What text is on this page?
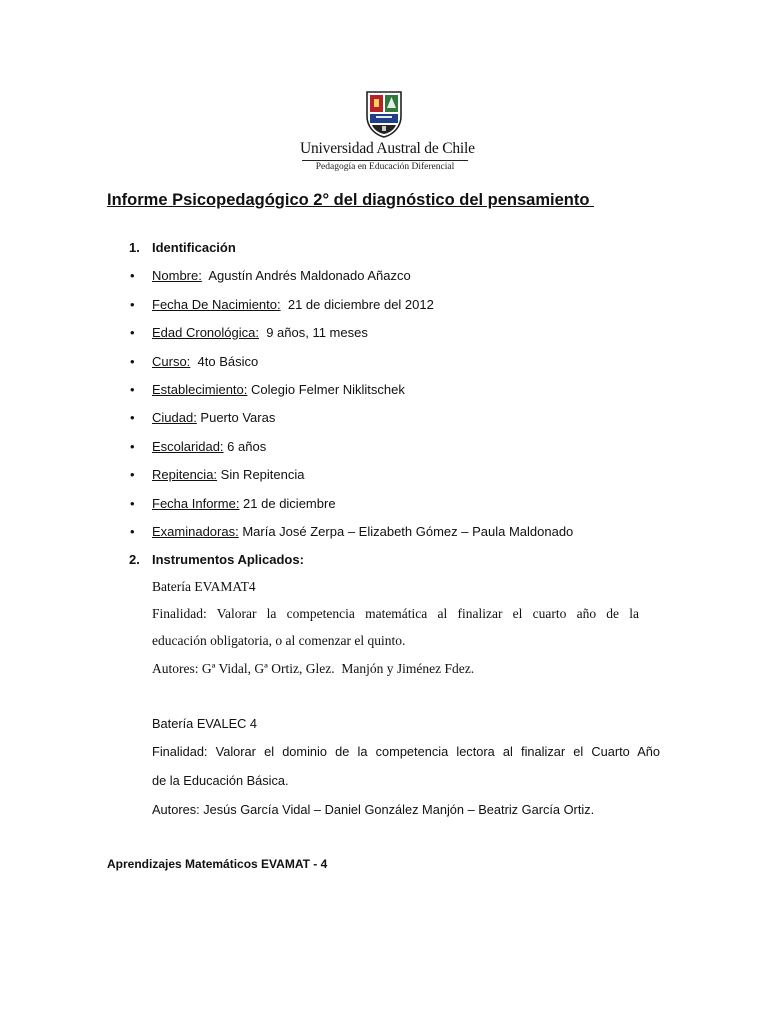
Universidad Austral de Chile
Pedagogía en Educación Diferencial
Informe Psicopedagógico 2° del diagnóstico del pensamiento
1. Identificación
• Nombre:  Agustín Andrés Maldonado Añazco
• Fecha De Nacimiento:  21 de diciembre del 2012
• Edad Cronológica:  9 años, 11 meses
• Curso:  4to Básico
• Establecimiento: Colegio Felmer Niklitschek
• Ciudad: Puerto Varas
• Escolaridad: 6 años
• Repitencia: Sin Repitencia
• Fecha Informe: 21 de diciembre
• Examinadoras: María José Zerpa – Elizabeth Gómez – Paula Maldonado
2. Instrumentos Aplicados:
Batería EVAMAT4
Finalidad: Valorar la competencia matemática al finalizar el cuarto año de la
educación obligatoria, o al comenzar el quinto.
Autores: Gª Vidal, Gª Ortiz, Glez.  Manjón y Jiménez Fdez.
Batería EVALEC 4
Finalidad: Valorar el dominio de la competencia lectora al finalizar el Cuarto Año
de la Educación Básica.
Autores: Jesús García Vidal – Daniel González Manjón – Beatriz García Ortiz.
Aprendizajes Matemáticos EVAMAT - 4
